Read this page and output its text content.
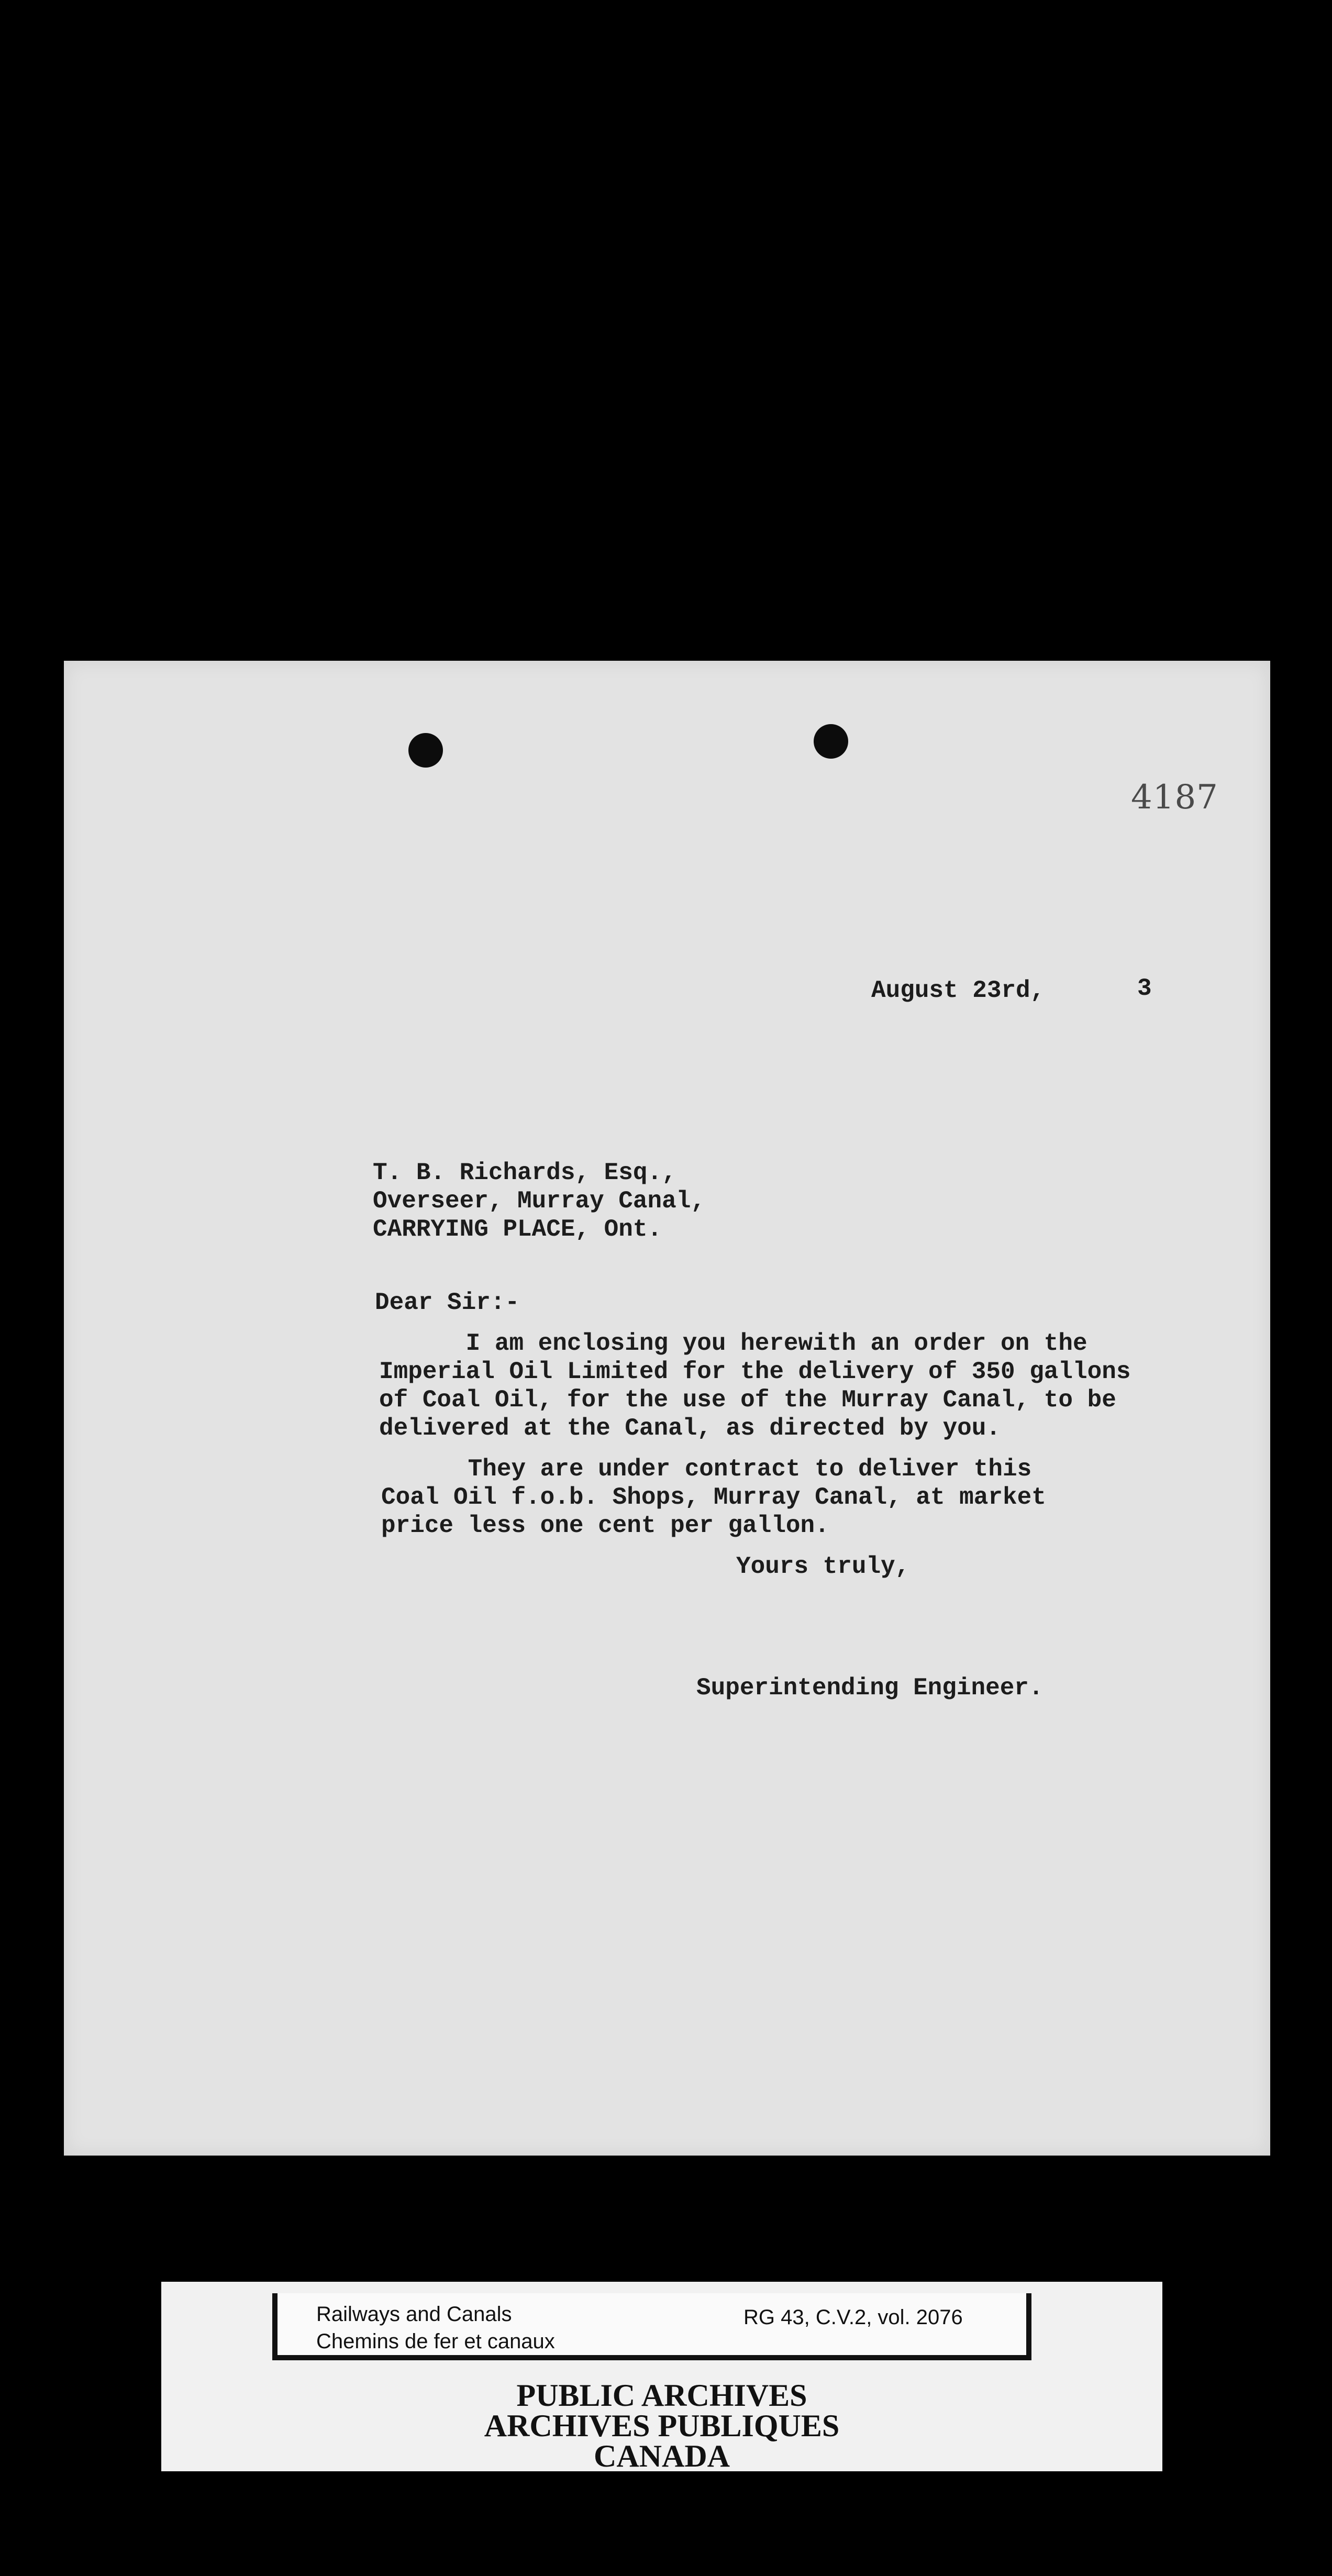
4187
August 23rd,	3
T. B. Richards, Esq.,
Overseer, Murray Canal,
CARRYING PLACE, Ont.
Dear Sir:-
I am enclosing you herewith an order on the
Imperial Oil Limited for the delivery of 350 gallons
of Coal Oil, for the use of the Murray Canal, to be
delivered at the Canal, as directed by you.
They are under contract to deliver this
Coal Oil f.o.b. Shops, Murray Canal, at market
price less one cent per gallon.
Yours truly,
Superintending Engineer.
Railways and Canals
Chemins de fer et canaux
RG 43, C.V.2, vol. 2076
PUBLIC ARCHIVES
ARCHIVES PUBLIQUES
CANADA
